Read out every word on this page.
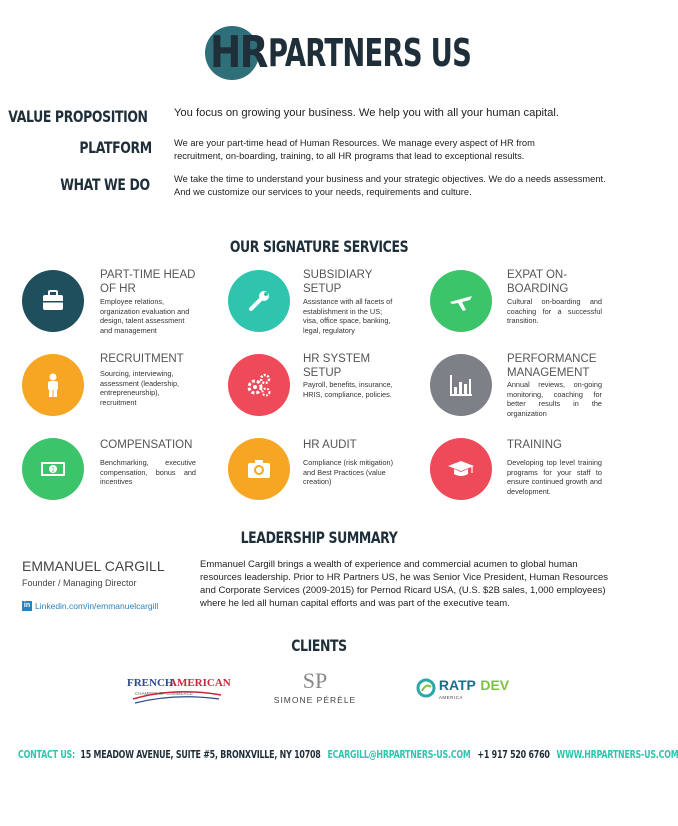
HR PARTNERS US
VALUE PROPOSITION You focus on growing your business. We help you with all your human capital.
PLATFORM We are your part-time head of Human Resources. We manage every aspect of HR from recruitment, on-boarding, training, to all HR programs that lead to exceptional results.
WHAT WE DO	We take the time to understand your business and your strategic objectives. We do a needs assessment. And we customize our services to your needs, requirements and culture.
OUR SIGNATURE SERVICES
PART-TIME HEAD OF HR
Employee relations, organization evaluation and design, talent assessment and management
SUBSIDIARY SETUP
Assistance with all facets of establishment in the US; visa, office space, banking, legal, regulatory
EXPAT ON-BOARDING
Cultural on-boarding and coaching for a successful transition.
RECRUITMENT
Sourcing, interviewing, assessment (leadership, entrepreneurship), recruitment
HR SYSTEM SETUP
Payroll, benefits, insurance, HRIS, compliance, policies.
PERFORMANCE MANAGEMENT
Annual reviews, on-going monitoring, coaching for better results in the organization
1
COMPENSATION
Benchmarking, executive compensation, bonus and incentives
HR AUDIT
Compliance (risk mitigation) and Best Practices (value creation)
TRAINING
Developing top level training programs for your staff to ensure continued growth and development.
LEADERSHIP SUMMARY
EMMANUEL CARGILL
Founder / Managing Director
in Linkedin.com/in/emmanuelcargill
Emmanuel Cargill brings a wealth of experience and commercial acumen to global human resources leadership. Prior to HR Partners US, he was Senior Vice President, Human Resources and Corporate Services (2009-2015) for Pernod Ricard USA, (U.S. $2B sales, 1,000 employees) where he led all human capital efforts and was part of the executive team.
CLIENTS
FRENCH
AMERICAN
CHAMBER OF COMMERCE
SP
SIMONE PÉRÈLE
RATP DEV
AMERICA
CONTACT US: 15 MEADOW AVENUE, SUITE #5, BRONXVILLE, NY 10708 ECARGILL@HRPARTNERS-US.COM +1 917 520 6760 WWW.HRPARTNERS-US.COM
